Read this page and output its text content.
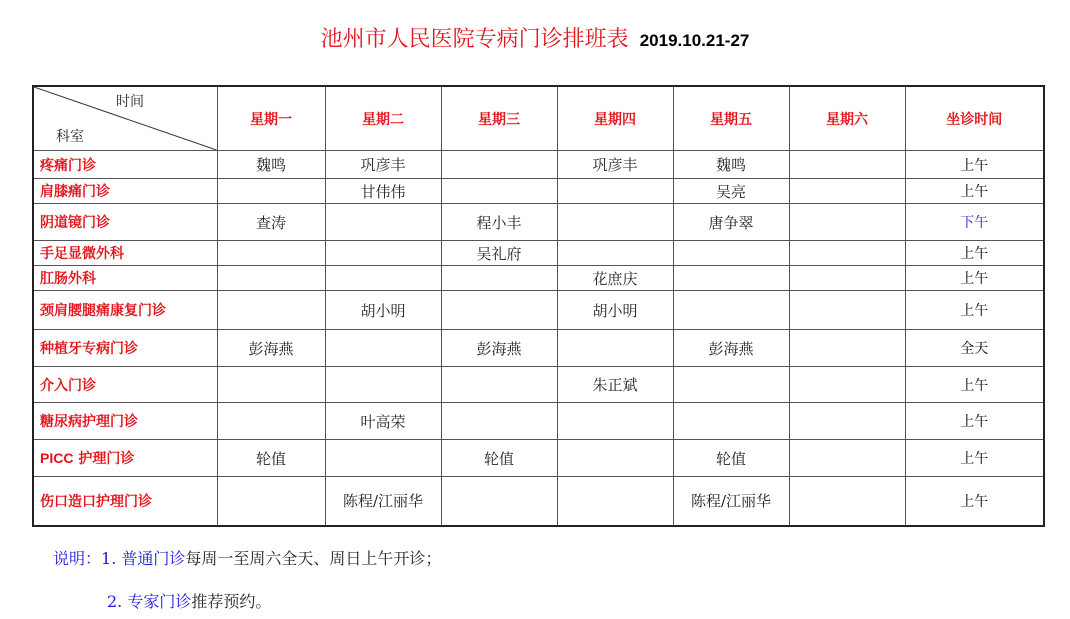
池州市人民医院专病门诊排班表 2019.10.21-27
时间
科室	星期一	星期二	星期三	星期四	星期五	星期六	坐诊时间
疼痛门诊	魏鸣	巩彦丰		巩彦丰	魏鸣		上午
肩膝痛门诊		甘伟伟			吴亮		上午
阴道镜门诊	查涛		程小丰		唐争翠		下午
手足显微外科			吴礼府				上午
肛肠外科				花庶庆			上午
颈肩腰腿痛康复门诊		胡小明		胡小明			上午
种植牙专病门诊	彭海燕		彭海燕		彭海燕		全天
介入门诊				朱正斌			上午
糖尿病护理门诊		叶高荣					上午
PICC 护理门诊	轮值		轮值		轮值		上午
伤口造口护理门诊		陈程/江丽华			陈程/江丽华		上午
说明：1. 普通门诊每周一至周六全天、周日上午开诊；
2. 专家门诊推荐预约。
